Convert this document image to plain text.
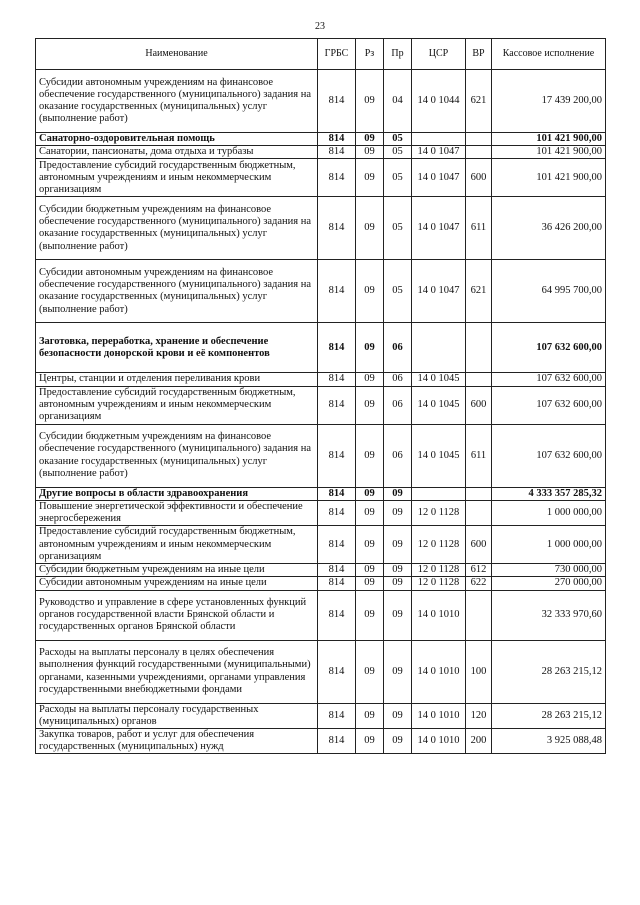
23
Наименование	ГРБС	Рз	Пр	ЦСР	ВР	Кассовое исполнение
Субсидии автономным учреждениям на финансовое обеспечение государственного (муниципального) задания на оказание государственных (муниципальных) услуг (выполнение работ)	814	09	04	14 0 1044	621	17 439 200,00
Санаторно-оздоровительная помощь	814	09	05			101 421 900,00
Санатории, пансионаты, дома отдыха и турбазы	814	09	05	14 0 1047		101 421 900,00
Предоставление субсидий государственным бюджетным, автономным учреждениям и иным некоммерческим организациям	814	09	05	14 0 1047	600	101 421 900,00
Субсидии бюджетным учреждениям на финансовое обеспечение государственного (муниципального) задания на оказание государственных (муниципальных) услуг (выполнение работ)	814	09	05	14 0 1047	611	36 426 200,00
Субсидии автономным учреждениям на финансовое обеспечение государственного (муниципального) задания на оказание государственных (муниципальных) услуг (выполнение работ)	814	09	05	14 0 1047	621	64 995 700,00
Заготовка, переработка, хранение и обеспечение безопасности донорской крови и её компонентов	814	09	06			107 632 600,00
Центры, станции и отделения переливания крови	814	09	06	14 0 1045		107 632 600,00
Предоставление субсидий государственным бюджетным, автономным учреждениям и иным некоммерческим организациям	814	09	06	14 0 1045	600	107 632 600,00
Субсидии бюджетным учреждениям на финансовое обеспечение государственного (муниципального) задания на оказание государственных (муниципальных) услуг (выполнение работ)	814	09	06	14 0 1045	611	107 632 600,00
Другие вопросы в области здравоохранения	814	09	09			4 333 357 285,32
Повышение энергетической эффективности и обеспечение энергосбережения	814	09	09	12 0 1128		1 000 000,00
Предоставление субсидий государственным бюджетным, автономным учреждениям и иным некоммерческим организациям	814	09	09	12 0 1128	600	1 000 000,00
Субсидии бюджетным учреждениям на иные цели	814	09	09	12 0 1128	612	730 000,00
Субсидии автономным учреждениям на иные цели	814	09	09	12 0 1128	622	270 000,00
Руководство и управление в сфере установленных функций органов государственной власти Брянской области и государственных органов Брянской области	814	09	09	14 0 1010		32 333 970,60
Расходы на выплаты персоналу в целях обеспечения выполнения функций государственными (муниципальными) органами, казенными учреждениями, органами управления государственными внебюджетными фондами	814	09	09	14 0 1010	100	28 263 215,12
Расходы на выплаты персоналу государственных (муниципальных) органов	814	09	09	14 0 1010	120	28 263 215,12
Закупка товаров, работ и услуг для обеспечения государственных (муниципальных) нужд	814	09	09	14 0 1010	200	3 925 088,48
